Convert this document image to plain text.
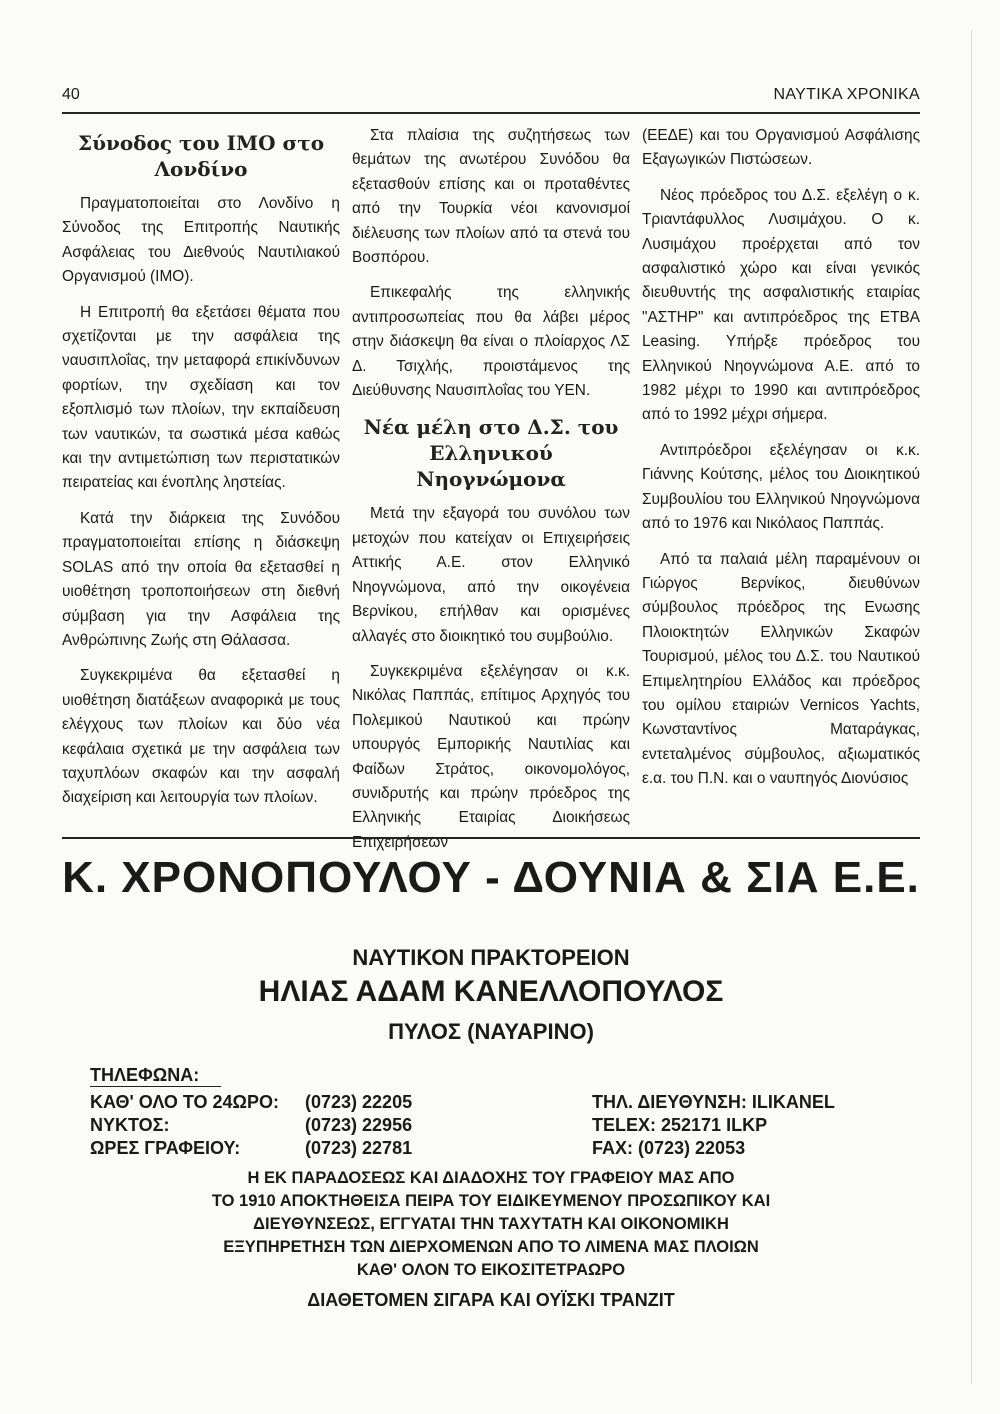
40	ΝΑΥΤΙΚΑ ΧΡΟΝΙΚΑ
Σύνοδος του ΙΜΟ στο Λονδίνο

Πραγματοποιείται στο Λονδίνο η Σύνοδος της Επιτροπής Ναυτικής Ασφάλειας του Διεθνούς Ναυτιλιακού Οργανισμού (IMO).

Η Επιτροπή θα εξετάσει θέματα που σχετίζονται με την ασφάλεια της ναυσιπλοΐας, την μεταφορά επικίνδυνων φορτίων, την σχεδίαση και τον εξοπλισμό των πλοίων, την εκπαίδευση των ναυτικών, τα σωστικά μέσα καθώς και την αντιμετώπιση των περιστατικών πειρατείας και ένοπλης ληστείας.

Κατά την διάρκεια της Συνόδου πραγματοποιείται επίσης η διάσκεψη SOLAS από την οποία θα εξετασθεί η υιοθέτηση τροποποιήσεων στη διεθνή σύμβαση για την Ασφάλεια της Ανθρώπινης Ζωής στη Θάλασσα.

Συγκεκριμένα θα εξετασθεί η υιοθέτηση διατάξεων αναφορικά με τους ελέγχους των πλοίων και δύο νέα κεφάλαια σχετικά με την ασφάλεια των ταχυπλόων σκαφών και την ασφαλή διαχείριση και λειτουργία των πλοίων.

Στα πλαίσια της συζητήσεως των θεμάτων της ανωτέρου Συνόδου θα εξετασθούν επίσης και οι προταθέντες από την Τουρκία νέοι κανονισμοί διέλευσης των πλοίων από τα στενά του Βοσπόρου.

Επικεφαλής της ελληνικής αντιπροσωπείας που θα λάβει μέρος στην διάσκεψη θα είναι ο πλοίαρχος ΛΣ Δ. Τσιχλής, προιστάμενος της Διεύθυνσης Ναυσιπλοΐας του ΥΕΝ.

Νέα μέλη στο Δ.Σ. του Ελληνικού Νηογνώμονα

Μετά την εξαγορά του συνόλου των μετοχών που κατείχαν οι Επιχειρήσεις Αττικής Α.Ε. στον Ελληνικό Νηογνώμονα, από την οικογένεια Βερνίκου, επήλθαν και ορισμένες αλλαγές στο διοικητικό του συμβούλιο.

Συγκεκριμένα εξελέγησαν οι κ.κ. Νικόλας Παππάς, επίτιμος Αρχηγός του Πολεμικού Ναυτικού και πρώην υπουργός Εμπορικής Ναυτιλίας και Φαίδων Στράτος, οικονομολόγος, συνιδρυτής και πρώην πρόεδρος της Ελληνικής Εταιρίας Διοικήσεως Επιχειρήσεων

(ΕΕΔΕ) και του Οργανισμού Ασφάλισης Εξαγωγικών Πιστώσεων.

Νέος πρόεδρος του Δ.Σ. εξελέγη ο κ. Τριαντάφυλλος Λυσιμάχου. Ο κ. Λυσιμάχου προέρχεται από τον ασφαλιστικό χώρο και είναι γενικός διευθυντής της ασφαλιστικής εταιρίας "ΑΣΤΗΡ" και αντιπρόεδρος της ΕΤΒΑ Leasing. Υπήρξε πρόεδρος του Ελληνικού Νηογνώμονα Α.Ε. από το 1982 μέχρι το 1990 και αντιπρόεδρος από το 1992 μέχρι σήμερα.

Αντιπρόεδροι εξελέγησαν οι κ.κ. Γιάννης Κούτσης, μέλος του Διοικητικού Συμβουλίου του Ελληνικού Νηογνώμονα από το 1976 και Νικόλαος Παππάς.

Από τα παλαιά μέλη παραμένουν οι Γιώργος Βερνίκος, διευθύνων σύμβουλος πρόεδρος της Ενωσης Πλοιοκτητών Ελληνικών Σκαφών Τουρισμού, μέλος του Δ.Σ. του Ναυτικού Επιμελητηρίου Ελλάδος και πρόεδρος του ομίλου εταιριών Vernicos Yachts, Κωνσταντίνος Ματαράγκας, εντεταλμένος σύμβουλος, αξιωματικός ε.α. του Π.Ν. και ο ναυπηγός Διονύσιος

Κ. ΧΡΟΝΟΠΟΥΛΟΥ - ΔΟΥΝΙΑ & ΣΙΑ Ε.Ε.
ΝΑΥΤΙΚΟΝ ΠΡΑΚΤΟΡΕΙΟΝ
ΗΛΙΑΣ ΑΔΑΜ ΚΑΝΕΛΛΟΠΟΥΛΟΣ
ΠΥΛΟΣ (ΝΑΥΑΡΙΝΟ)
ΤΗΛΕΦΩΝΑ:
ΚΑΘ' ΟΛΟ ΤΟ 24ΩΡΟ:	(0723) 22205
ΝΥΚΤΟΣ:	(0723) 22956
ΩΡΕΣ ΓΡΑΦΕΙΟΥ:	(0723) 22781
ΤΗΛ. ΔΙΕΥΘΥΝΣΗ: ILIKANEL
TELEX: 252171 ILKP
FAX: (0723) 22053
Η ΕΚ ΠΑΡΑΔΟΣΕΩΣ ΚΑΙ ΔΙΑΔΟΧΗΣ ΤΟΥ ΓΡΑΦΕΙΟΥ ΜΑΣ ΑΠΟ
ΤΟ 1910 ΑΠΟΚΤΗΘΕΙΣΑ ΠΕΙΡΑ ΤΟΥ ΕΙΔΙΚΕΥΜΕΝΟΥ ΠΡΟΣΩΠΙΚΟΥ ΚΑΙ
ΔΙΕΥΘΥΝΣΕΩΣ, ΕΓΓΥΑΤΑΙ ΤΗΝ ΤΑΧΥΤΑΤΗ ΚΑΙ ΟΙΚΟΝΟΜΙΚΗ
ΕΞΥΠΗΡΕΤΗΣΗ ΤΩΝ ΔΙΕΡΧΟΜΕΝΩΝ ΑΠΟ ΤΟ ΛΙΜΕΝΑ ΜΑΣ ΠΛΟΙΩΝ
ΚΑΘ' ΟΛΟΝ ΤΟ ΕΙΚΟΣΙΤΕΤΡΑΩΡΟ
ΔΙΑΘΕΤΟΜΕΝ ΣΙΓΑΡΑ ΚΑΙ ΟΥΪΣΚΙ ΤΡΑΝΖΙΤ
